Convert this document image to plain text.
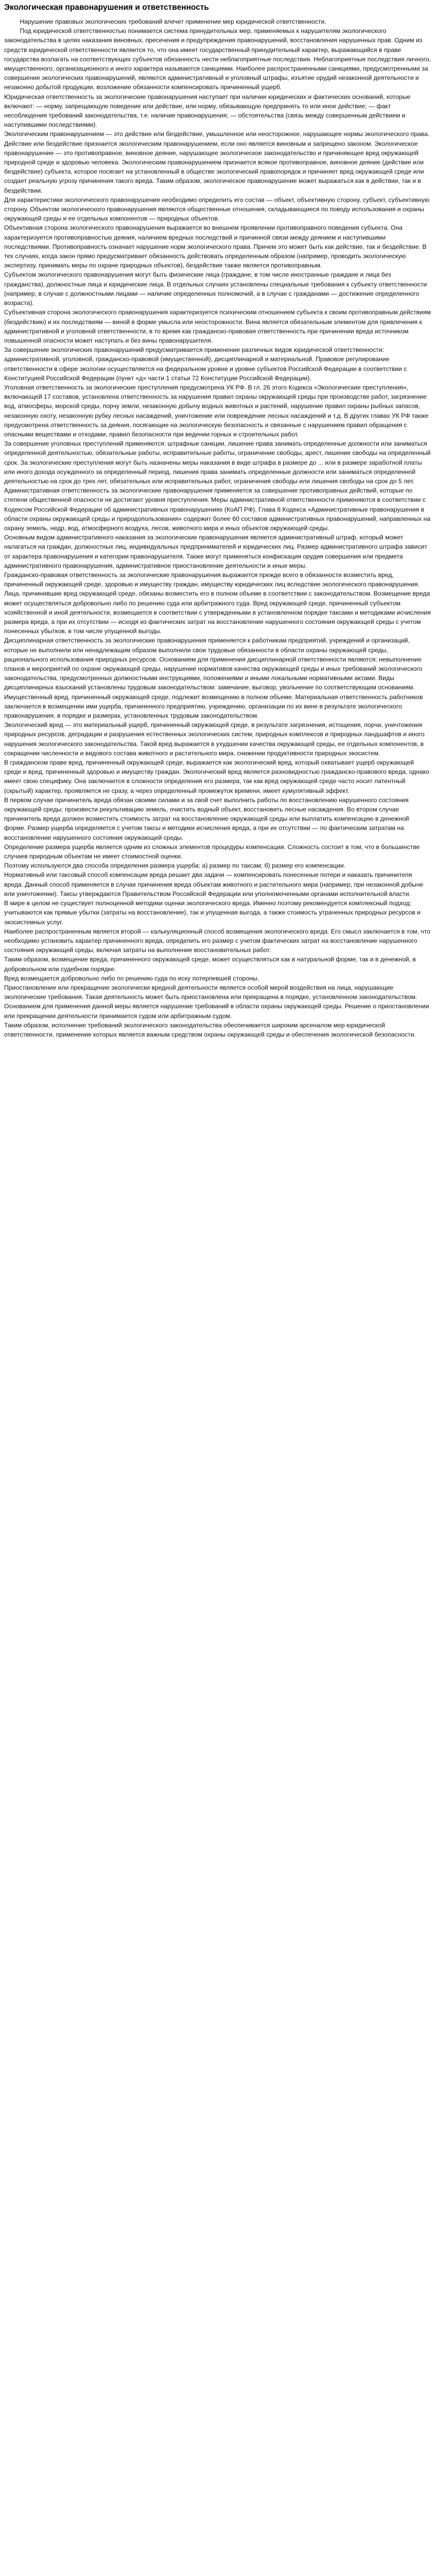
Экологическая правонарушения и ответственность

Нарушение правовых экологических требований влечет применение мер юридической ответственности.

Под юридической ответственностью понимается система принудительных мер, применяемых к нарушителям экологического законодательства в целях наказания виновных, пресечения и предупреждения правонарушений, восстановления нарушенных прав. Одним из средств юридической ответственности является то, что она имеет государственный принудительный характер, выражающийся в праве государства возлагать на соответствующих субъектов обязанность нести неблагоприятные последствия. Неблагоприятные последствия личного, имущественного, организационного и иного характера называются санкциями. Наиболее распространенными санкциями, предусмотренными за совершение экологических правонарушений, являются административный и уголовный штрафы, изъятие орудий незаконной деятельности и незаконно добытой продукции, возложение обязанности компенсировать причиненный ущерб.

Юридическая ответственность за экологические правонарушения наступает при наличии юридических и фактических оснований, которые включают: — норму, запрещающую поведение или действие, или норму, обязывающую предпринять то или иное действие; — факт несоблюдения требований законодательства, т.е. наличие правонарушения; — обстоятельства (связь между совершенным действием и наступившими последствиями).

Экологическим правонарушением — это действие или бездействие, умышленное или неосторожное, нарушающее нормы экологического права. Действие или бездействие признается экологическим правонарушением, если оно является виновным и запрещено законом. Экологическое правонарушение — это противоправное, виновное деяние, нарушающее экологическое законодательство и причиняющее вред окружающей природной среде и здоровью человека. Экологическим правонарушением признается всякое противоправное, виновное деяние (действие или бездействие) субъекта, которое посягает на установленный в обществе экологический правопорядок и причиняет вред окружающей среде или создает реальную угрозу причинения такого вреда. Таким образом, экологическое правонарушение может выражаться как в действии, так и в бездействии.

Для характеристики экологического правонарушения необходимо определить его состав — объект, объективную сторону, субъект, субъективную сторону. Объектом экологического правонарушения являются общественные отношения, складывающиеся по поводу использования и охраны окружающей среды и ее отдельных компонентов — природных объектов.

Объективная сторона экологического правонарушения выражается во внешнем проявлении противоправного поведения субъекта. Она характеризуется противоправностью деяния, наличием вредных последствий и причинной связи между деянием и наступившими последствиями. Противоправность означает нарушение норм экологического права. Причем это может быть как действие, так и бездействие. В тех случаях, когда закон прямо предусматривает обязанность действовать определенным образом (например, проводить экологическую экспертизу, принимать меры по охране природных объектов), бездействие также является противоправным.

Субъектом экологического правонарушения могут быть физические лица (граждане, в том числе иностранные граждане и лица без гражданства), должностные лица и юридические лица. В отдельных случаях установлены специальные требования к субъекту ответственности (например, в случае с должностными лицами — наличие определенных полномочий, а в случае с гражданами — достижение определенного возраста).

Субъективная сторона экологического правонарушения характеризуется психическим отношением субъекта к своим противоправным действиям (бездействию) и их последствиям — виной в форме умысла или неосторожности. Вина является обязательным элементом для привлечения к административной и уголовной ответственности, в то время как гражданско-правовая ответственность при причинении вреда источником повышенной опасности может наступать и без вины правонарушителя.

За совершение экологических правонарушений предусматривается применение различных видов юридической ответственности: административной, уголовной, гражданско-правовой (имущественной), дисциплинарной и материальной. Правовое регулирование ответственности в сфере экологии осуществляется на федеральном уровне и уровне субъектов Российской Федерации в соответствии с Конституцией Российской Федерации (пункт «д» части 1 статьи 72 Конституции Российской Федерации).

Уголовная ответственность за экологические преступления предусмотрена УК РФ. В гл. 26 этого Кодекса «Экологические преступления», включающей 17 составов, установлена ответственность за нарушения правил охраны окружающей среды при производстве работ, загрязнение вод, атмосферы, морской среды, порчу земли, незаконную добычу водных животных и растений, нарушение правил охраны рыбных запасов, незаконную охоту, незаконную рубку лесных насаждений, уничтожение или повреждение лесных насаждений и т.д. В других главах УК РФ также предусмотрена ответственность за деяния, посягающие на экологическую безопасность и связанные с нарушением правил обращения с опасными веществами и отходами, правил безопасности при ведении горных и строительных работ.

За совершение уголовных преступлений применяются: штрафные санкции, лишение права занимать определенные должности или заниматься определенной деятельностью, обязательные работы, исправительные работы, ограничение свободы, арест, лишение свободы на определенный срок. За экологические преступления могут быть назначены меры наказания в виде штрафа в размере до ... или в размере заработной платы или иного дохода осужденного за определенный период, лишения права занимать определенные должности или заниматься определенной деятельностью на срок до трех лет, обязательных или исправительных работ, ограничения свободы или лишения свободы на срок до 5 лет.

Административная ответственность за экологические правонарушения применяется за совершение противоправных действий, которые по степени общественной опасности не достигают уровня преступления. Меры административной ответственности применяются в соответствии с Кодексом Российской Федерации об административных правонарушениях (КоАП РФ). Глава 8 Кодекса «Административные правонарушения в области охраны окружающей среды и природопользования» содержит более 60 составов административных правонарушений, направленных на охрану земель, недр, вод, атмосферного воздуха, лесов, животного мира и иных объектов окружающей среды.

Основным видом административного наказания за экологические правонарушения является административный штраф, который может налагаться на граждан, должностных лиц, индивидуальных предпринимателей и юридических лиц. Размер административного штрафа зависит от характера правонарушения и категории правонарушителя. Также могут применяться конфискация орудия совершения или предмета административного правонарушения, административное приостановление деятельности и иные меры.

Гражданско-правовая ответственность за экологические правонарушения выражается прежде всего в обязанности возместить вред, причиненный окружающей среде, здоровью и имуществу граждан, имуществу юридических лиц вследствие экологического правонарушения. Лица, причинившие вред окружающей среде, обязаны возместить его в полном объеме в соответствии с законодательством. Возмещение вреда может осуществляться добровольно либо по решению суда или арбитражного суда. Вред окружающей среде, причиненный субъектом хозяйственной и иной деятельности, возмещается в соответствии с утвержденными в установленном порядке таксами и методиками исчисления размера вреда, а при их отсутствии — исходя из фактических затрат на восстановление нарушенного состояния окружающей среды с учетом понесенных убытков, в том числе упущенной выгоды.

Дисциплинарная ответственность за экологические правонарушения применяется к работникам предприятий, учреждений и организаций, которые не выполнили или ненадлежащим образом выполнили свои трудовые обязанности в области охраны окружающей среды, рационального использования природных ресурсов. Основанием для применения дисциплинарной ответственности являются: невыполнение планов и мероприятий по охране окружающей среды, нарушение нормативов качества окружающей среды и иных требований экологического законодательства, предусмотренных должностными инструкциями, положениями и иными локальными нормативными актами. Виды дисциплинарных взысканий установлены трудовым законодательством: замечание, выговор, увольнение по соответствующим основаниям.

Имущественный вред, причиненный окружающей среде, подлежит возмещению в полном объеме. Материальная ответственность работников заключается в возмещении ими ущерба, причиненного предприятию, учреждению, организации по их вине в результате экологического правонарушения, в порядке и размерах, установленных трудовым законодательством.

Экологический вред — это материальный ущерб, причиненный окружающей среде, в результате загрязнения, истощения, порчи, уничтожения природных ресурсов, деградации и разрушения естественных экологических систем, природных комплексов и природных ландшафтов и иного нарушения экологического законодательства. Такой вред выражается в ухудшении качества окружающей среды, ее отдельных компонентов, в сокращении численности и видового состава животного и растительного мира, снижении продуктивности природных экосистем.

В гражданском праве вред, причиненный окружающей среде, выражается как экологический вред, который охватывает ущерб окружающей среде и вред, причиненный здоровью и имуществу граждан. Экологический вред является разновидностью гражданско-правового вреда, однако имеет свою специфику. Она заключается в сложности определения его размера, так как вред окружающей среде часто носит латентный (скрытый) характер, проявляется не сразу, а через определенный промежуток времени, имеет кумулятивный эффект.

В первом случае причинитель вреда обязан своими силами и за свой счет выполнить работы по восстановлению нарушенного состояния окружающей среды: произвести рекультивацию земель, очистить водный объект, восстановить лесные насаждения. Во втором случае причинитель вреда должен возместить стоимость затрат на восстановление окружающей среды или выплатить компенсацию в денежной форме. Размер ущерба определяется с учетом таксы и методики исчисления вреда, а при их отсутствии — по фактическим затратам на восстановление нарушенного состояния окружающей среды.

Определение размера ущерба является одним из сложных элементов процедуры компенсации. Сложность состоит в том, что в большинстве случаев природным объектам не имеет стоимостной оценки.

Поэтому используются два способа определения размера ущерба: а) размер по таксам; б) размер его компенсации.

Нормативный или таксовый способ компенсации вреда решает два задачи — компенсировать понесенные потери и наказать причинителя вреда. Данный способ применяется в случае причинения вреда объектам животного и растительного мира (например, при незаконной добыче или уничтожении). Таксы утверждаются Правительством Российской Федерации или уполномоченными органами исполнительной власти.

В мире в целом не существует полноценной методики оценки экологического вреда. Именно поэтому рекомендуется комплексный подход: учитываются как прямые убытки (затраты на восстановление), так и упущенная выгода, а также стоимость утраченных природных ресурсов и экосистемных услуг.

Наиболее распространенным является второй — калькуляционный способ возмещения экологического вреда. Его смысл заключается в том, что необходимо установить характер причиненного вреда, определить его размер с учетом фактических затрат на восстановление нарушенного состояния окружающей среды, включая затраты на выполнение восстановительных работ.

Таким образом, возмещение вреда, причиненного окружающей среде, может осуществляться как в натуральной форме, так и в денежной, в добровольном или судебном порядке.

Вред возмещается добровольно либо по решению суда по иску потерпевшей стороны.

Приостановление или прекращение экологически вредной деятельности является особой мерой воздействия на лица, нарушающие экологические требования. Такая деятельность может быть приостановлена или прекращена в порядке, установленном законодательством. Основанием для применения данной меры является нарушение требований в области охраны окружающей среды. Решение о приостановлении или прекращении деятельности принимается судом или арбитражным судом.

Таким образом, исполнение требований экологического законодательства обеспечивается широким арсеналом мер юридической ответственности, применение которых является важным средством охраны окружающей среды и обеспечения экологической безопасности.
